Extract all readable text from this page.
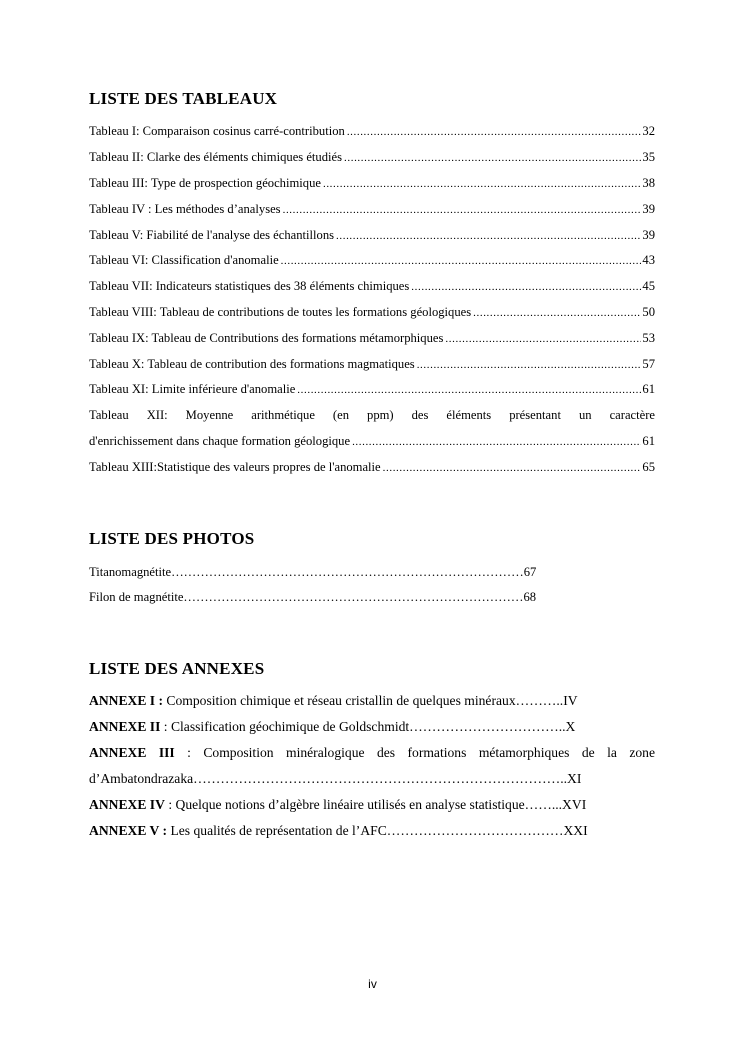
LISTE DES TABLEAUX
Tableau I: Comparaison cosinus carré-contribution .....	32
Tableau II: Clarke des éléments chimiques étudiés .....	35
Tableau III: Type de prospection géochimique .....	38
Tableau IV : Les méthodes d’analyses .....	39
Tableau V: Fiabilité de l'analyse des échantillons .....	39
Tableau VI: Classification d'anomalie .....	43
Tableau VII: Indicateurs statistiques des 38 éléments chimiques .....	45
Tableau VIII: Tableau de contributions de toutes les formations géologiques .....	50
Tableau IX: Tableau de Contributions des formations métamorphiques .....	53
Tableau X: Tableau de contribution des formations magmatiques .....	57
Tableau XI: Limite inférieure d'anomalie .....	61
Tableau XII: Moyenne arithmétique (en ppm) des éléments présentant un caractère
d'enrichissement dans chaque formation géologique .....	61
Tableau XIII:Statistique des valeurs propres de l'anomalie .....	65
LISTE DES PHOTOS
Titanomagnétite…………………………………………………………………………67
Filon de magnétite………………………………………………………………………68
LISTE DES ANNEXES
ANNEXE I : Composition chimique et réseau cristallin de quelques minéraux………..IV
ANNEXE II : Classification géochimique de Goldschmidt……………………………..X
ANNEXE III : Composition minéralogique des formations métamorphiques de la zone
d’Ambatondrazaka………………………………………………………………………..XI
ANNEXE IV : Quelque notions d’algèbre linéaire utilisés en analyse statistique……...XVI
ANNEXE V : Les qualités de représentation de l’AFC…………………………………XXI
iv
